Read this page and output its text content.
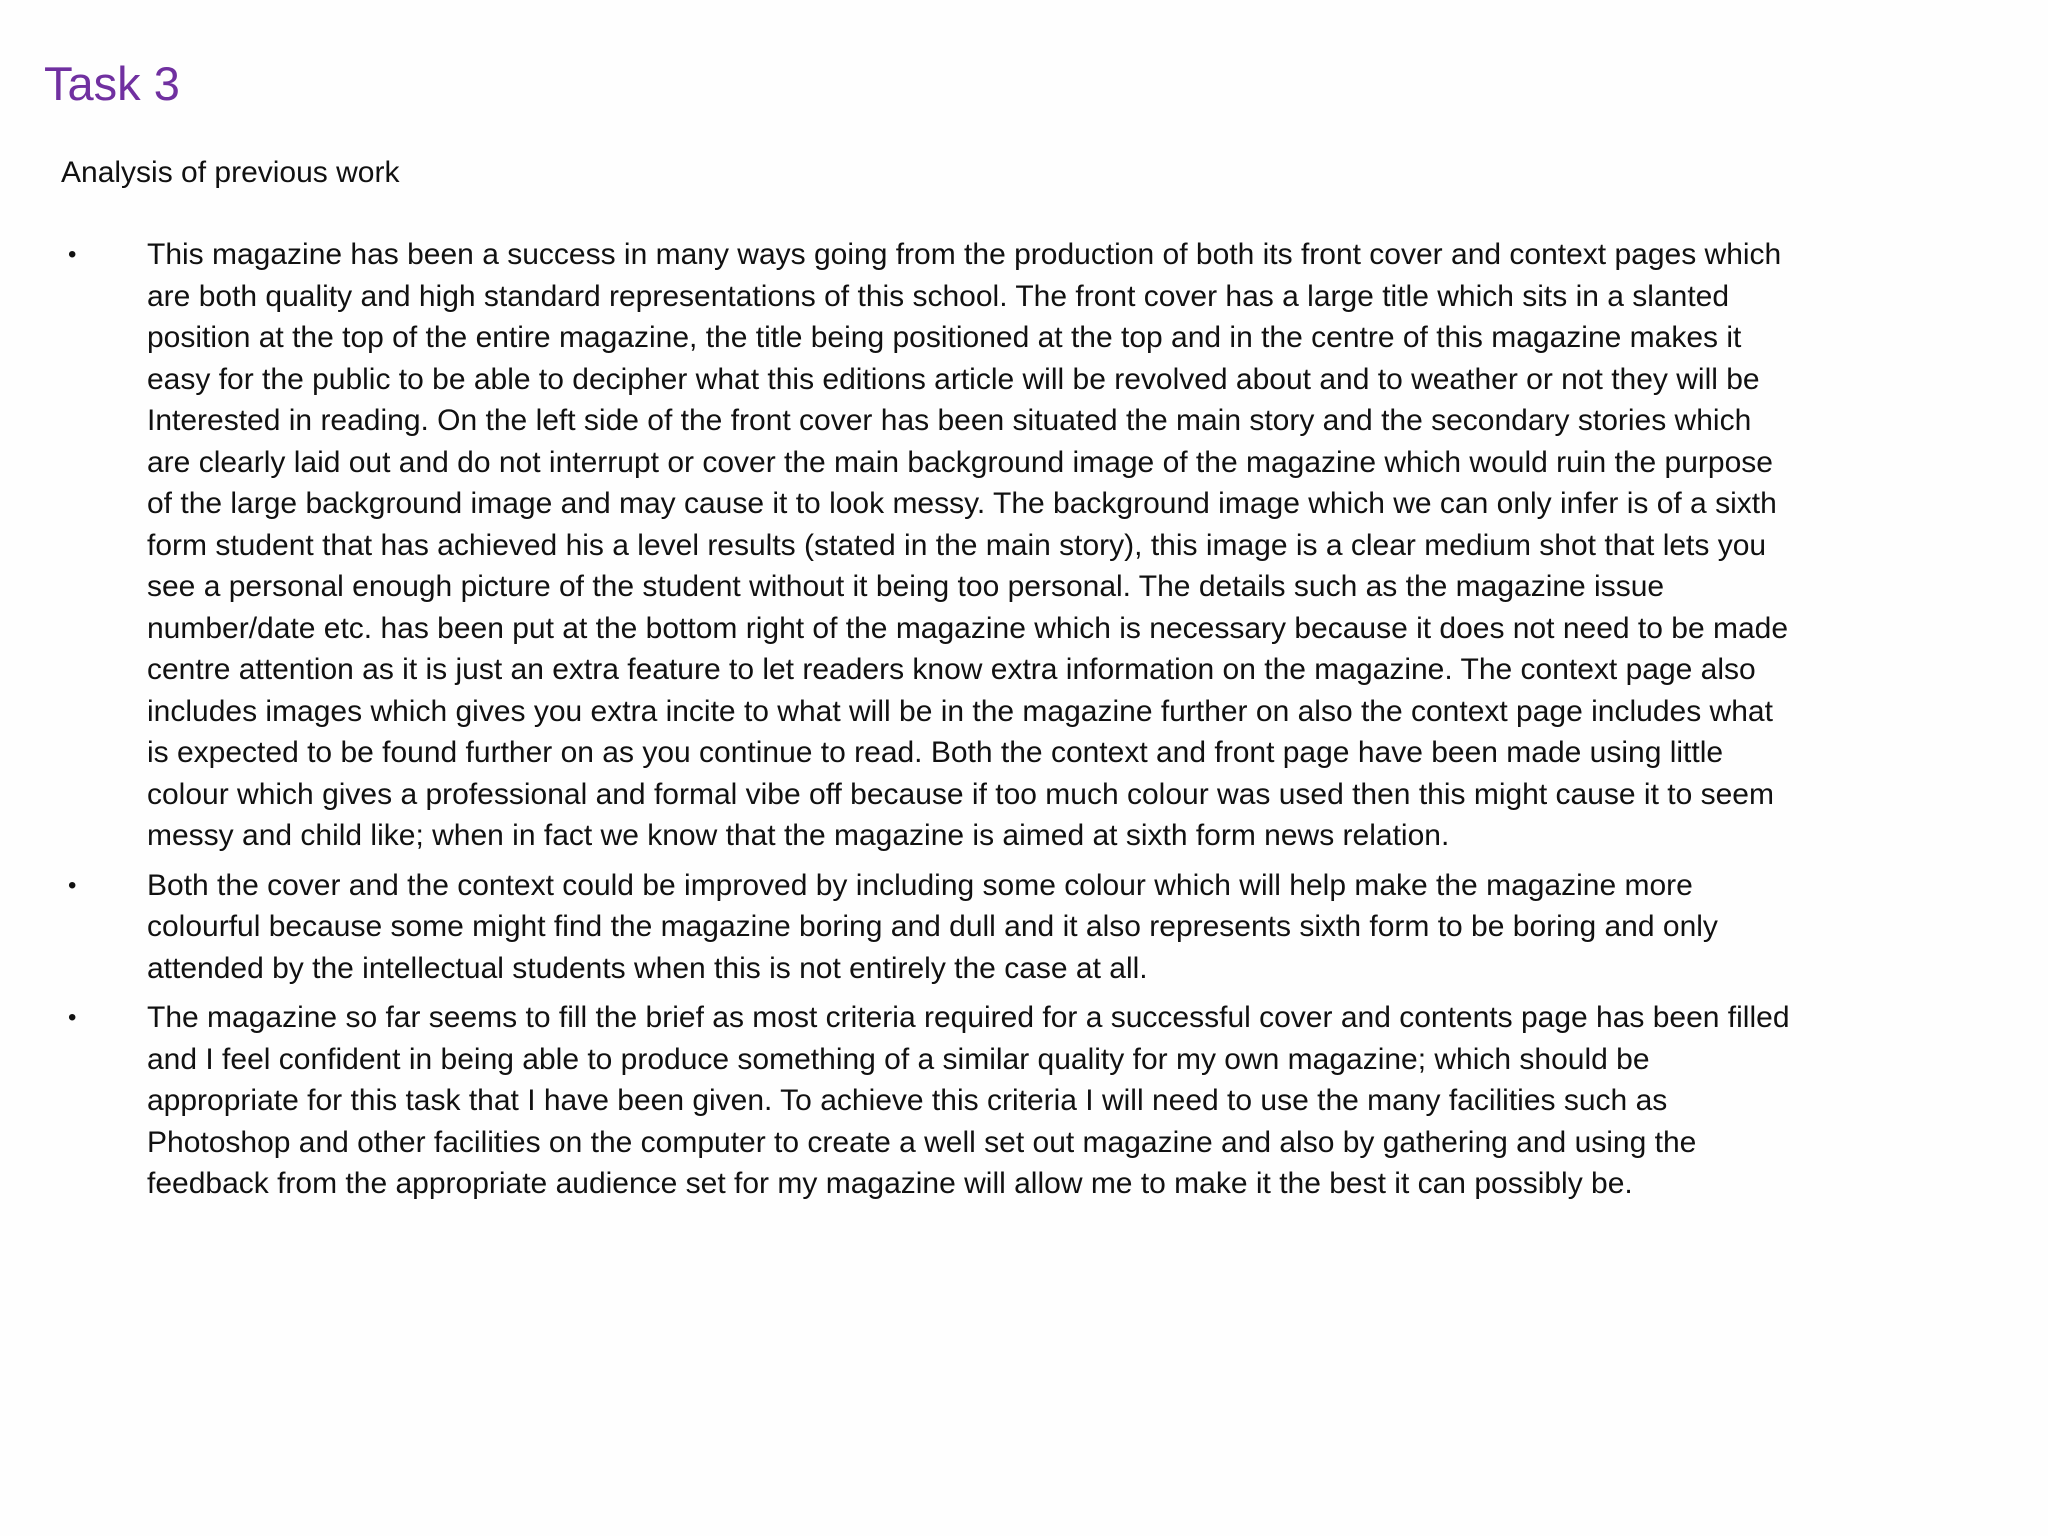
Task 3

Analysis of previous work

• This magazine has been a success in many ways going from the production of both its front cover and context pages which
are both quality and high standard representations of this school. The front cover has a large title which sits in a slanted
position at the top of the entire magazine, the title being positioned at the top and in the centre of this magazine makes it
easy for the public to be able to decipher what this editions article will be revolved about and to weather or not they will be
Interested in reading. On the left side of the front cover has been situated the main story and the secondary stories which
are clearly laid out and do not interrupt or cover the main background image of the magazine which would ruin the purpose
of the large background image and may cause it to look messy. The background image which we can only infer is of a sixth
form student that has achieved his a level results (stated in the main story), this image is a clear medium shot that lets you
see a personal enough picture of the student without it being too personal. The details such as the magazine issue
number/date etc. has been put at the bottom right of the magazine which is necessary because it does not need to be made
centre attention as it is just an extra feature to let readers know extra information on the magazine. The context page also
includes images which gives you extra incite to what will be in the magazine further on also the context page includes what
is expected to be found further on as you continue to read. Both the context and front page have been made using little
colour which gives a professional and formal vibe off because if too much colour was used then this might cause it to seem
messy and child like; when in fact we know that the magazine is aimed at sixth form news relation.
• Both the cover and the context could be improved by including some colour which will help make the magazine more
colourful because some might find the magazine boring and dull and it also represents sixth form to be boring and only
attended by the intellectual students when this is not entirely the case at all.
• The magazine so far seems to fill the brief as most criteria required for a successful cover and contents page has been filled
and I feel confident in being able to produce something of a similar quality for my own magazine; which should be
appropriate for this task that I have been given. To achieve this criteria I will need to use the many facilities such as
Photoshop and other facilities on the computer to create a well set out magazine and also by gathering and using the
feedback from the appropriate audience set for my magazine will allow me to make it the best it can possibly be.
